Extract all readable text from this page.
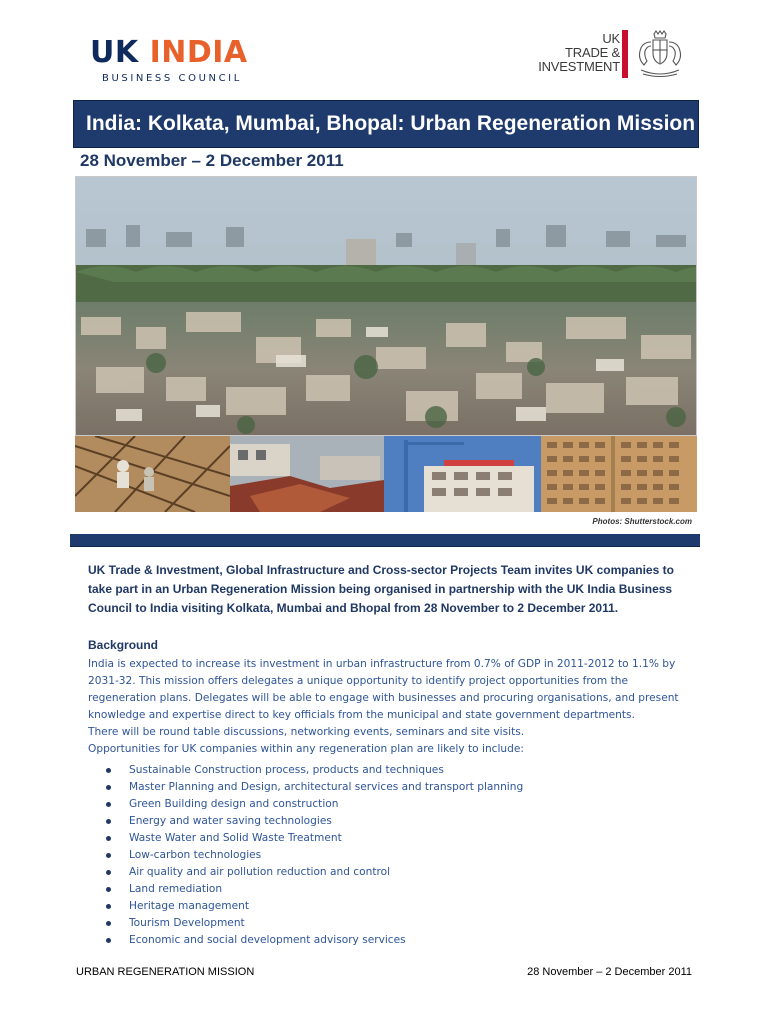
UK INDIA
BUSINESS COUNCIL
UK
TRADE &
INVESTMENT
India: Kolkata, Mumbai, Bhopal: Urban Regeneration Mission
28 November – 2 December 2011
Photos: Shutterstock.com

UK Trade & Investment, Global Infrastructure and Cross-sector Projects Team invites UK companies to take part in an Urban Regeneration Mission being organised in partnership with the UK India Business Council to India visiting Kolkata, Mumbai and Bhopal from 28 November to 2 December 2011.

Background

India is expected to increase its investment in urban infrastructure from 0.7% of GDP in 2011-2012 to 1.1% by 2031-32. This mission offers delegates a unique opportunity to identify project opportunities from the regeneration plans. Delegates will be able to engage with businesses and procuring organisations, and present knowledge and expertise direct to key officials from the municipal and state government departments.

There will be round table discussions, networking events, seminars and site visits.

Opportunities for UK companies within any regeneration plan are likely to include:

Sustainable Construction process, products and techniques
Master Planning and Design, architectural services and transport planning
Green Building design and construction
Energy and water saving technologies
Waste Water and Solid Waste Treatment
Low-carbon technologies
Air quality and air pollution reduction and control
Land remediation
Heritage management
Tourism Development
Economic and social development advisory services
URBAN REGENERATION MISSION	28 November – 2 December 2011
